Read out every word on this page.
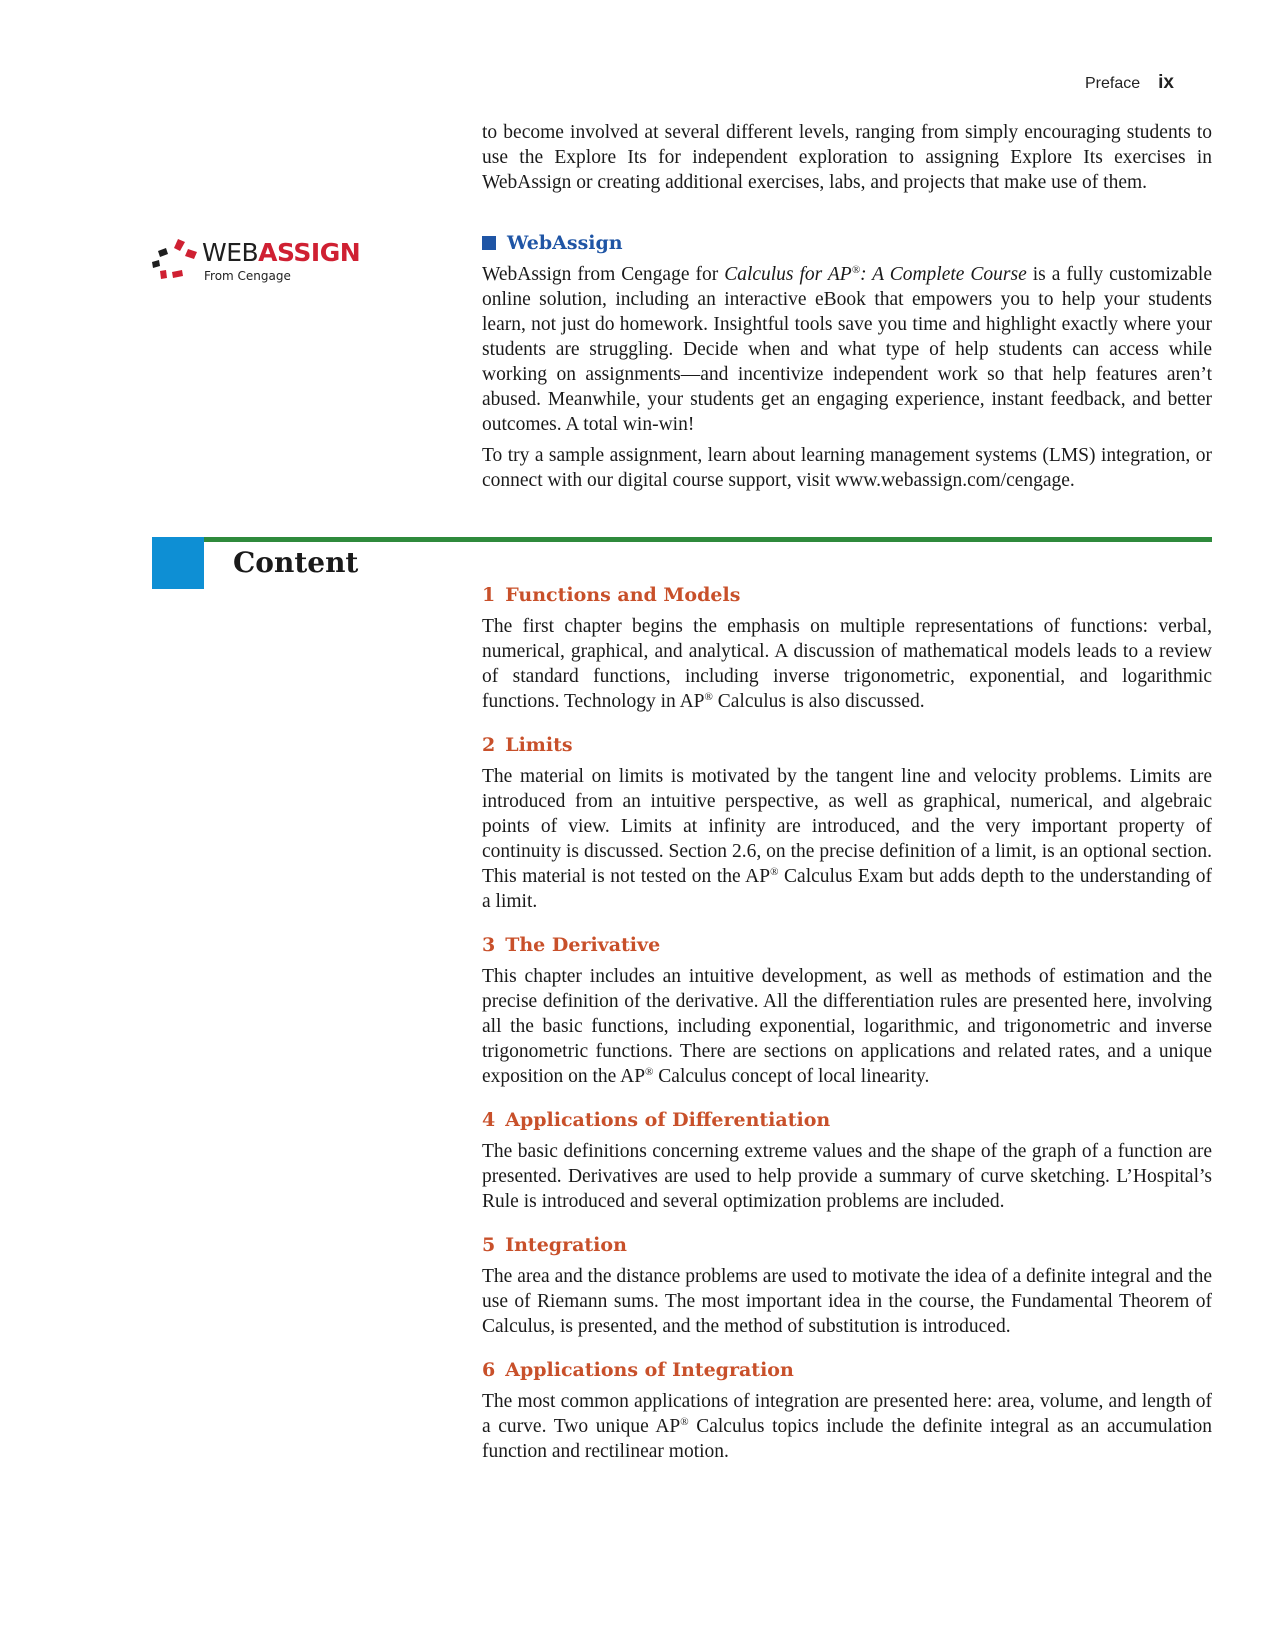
Preface ix

to become involved at several different levels, ranging from simply encouraging students to use the Explore Its for independent exploration to assigning Explore Its exercises in WebAssign or creating additional exercises, labs, and projects that make use of them.

WEBASSIGN
From Cengage
WebAssign

WebAssign from Cengage for Calculus for AP®: A Complete Course is a fully customizable online solution, including an interactive eBook that empowers you to help your students learn, not just do homework. Insightful tools save you time and highlight exactly where your students are struggling. Decide when and what type of help students can access while working on assignments—and incentivize independent work so that help features aren’t abused. Meanwhile, your students get an engaging experience, instant feedback, and better outcomes. A total win-win!

To try a sample assignment, learn about learning management systems (LMS) integration, or connect with our digital course support, visit www.webassign.com/cengage.

Content
1 Functions and Models

The first chapter begins the emphasis on multiple representations of functions: verbal, numerical, graphical, and analytical. A discussion of mathematical models leads to a review of standard functions, including inverse trigonometric, exponential, and logarithmic functions. Technology in AP® Calculus is also discussed.

2 Limits

The material on limits is motivated by the tangent line and velocity problems. Limits are introduced from an intuitive perspective, as well as graphical, numerical, and algebraic points of view. Limits at infinity are introduced, and the very important property of continuity is discussed. Section 2.6, on the precise definition of a limit, is an optional section. This material is not tested on the AP® Calculus Exam but adds depth to the understanding of a limit.

3 The Derivative

This chapter includes an intuitive development, as well as methods of estimation and the precise definition of the derivative. All the differentiation rules are presented here, involving all the basic functions, including exponential, logarithmic, and trigonometric and inverse trigonometric functions. There are sections on applications and related rates, and a unique exposition on the AP® Calculus concept of local linearity.

4 Applications of Differentiation

The basic definitions concerning extreme values and the shape of the graph of a function are presented. Derivatives are used to help provide a summary of curve sketching. L’Hospital’s Rule is introduced and several optimization problems are included.

5 Integration

The area and the distance problems are used to motivate the idea of a definite integral and the use of Riemann sums. The most important idea in the course, the Fundamental Theorem of Calculus, is presented, and the method of substitution is introduced.

6 Applications of Integration

The most common applications of integration are presented here: area, volume, and length of a curve. Two unique AP® Calculus topics include the definite integral as an accumulation function and rectilinear motion.
